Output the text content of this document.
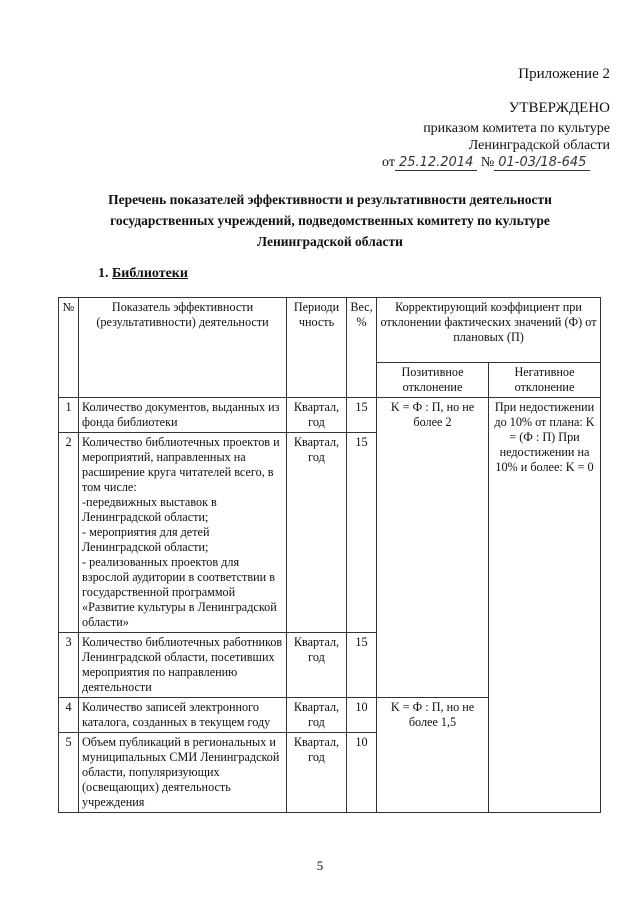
Приложение 2
УТВЕРЖДЕНО
приказом комитета по культуре
Ленинградской области
от 25.12.2014 № 01-03/18-645
Перечень показателей эффективности и результативности деятельности
государственных учреждений, подведомственных комитету по культуре
Ленинградской области
1. Библиотеки
№	Показатель эффективности (результативности) деятельности	Периоди чность	Вес, %	Корректирующий коэффициент при отклонении фактических значений (Ф) от плановых (П)	
				Позитивное отклонение	Негативное отклонение
1	Количество документов, выданных из фонда библиотеки	Квартал, год	15	K = Ф : П, но не более 2	При недостижении до 10% от плана: K = (Ф : П) При недостижении на 10% и более: K = 0
2	Количество библиотечных проектов и мероприятий, направленных на расширение круга читателей всего, в том числе:
-передвижных выставок в Ленинградской области;
- мероприятия для детей Ленинградской области;
- реализованных проектов для взрослой аудитории в соответствии в государственной программой «Развитие культуры в Ленинградской области»	Квартал, год	15		
3	Количество библиотечных работников Ленинградской области, посетивших мероприятия по направлению деятельности	Квартал, год	15		
4	Количество записей электронного каталога, созданных в текущем году	Квартал, год	10	K = Ф : П, но не более 1,5	
5	Объем публикаций в региональных и муниципальных СМИ Ленинградской области, популяризующих (освещающих) деятельность учреждения	Квартал, год	10		
5
